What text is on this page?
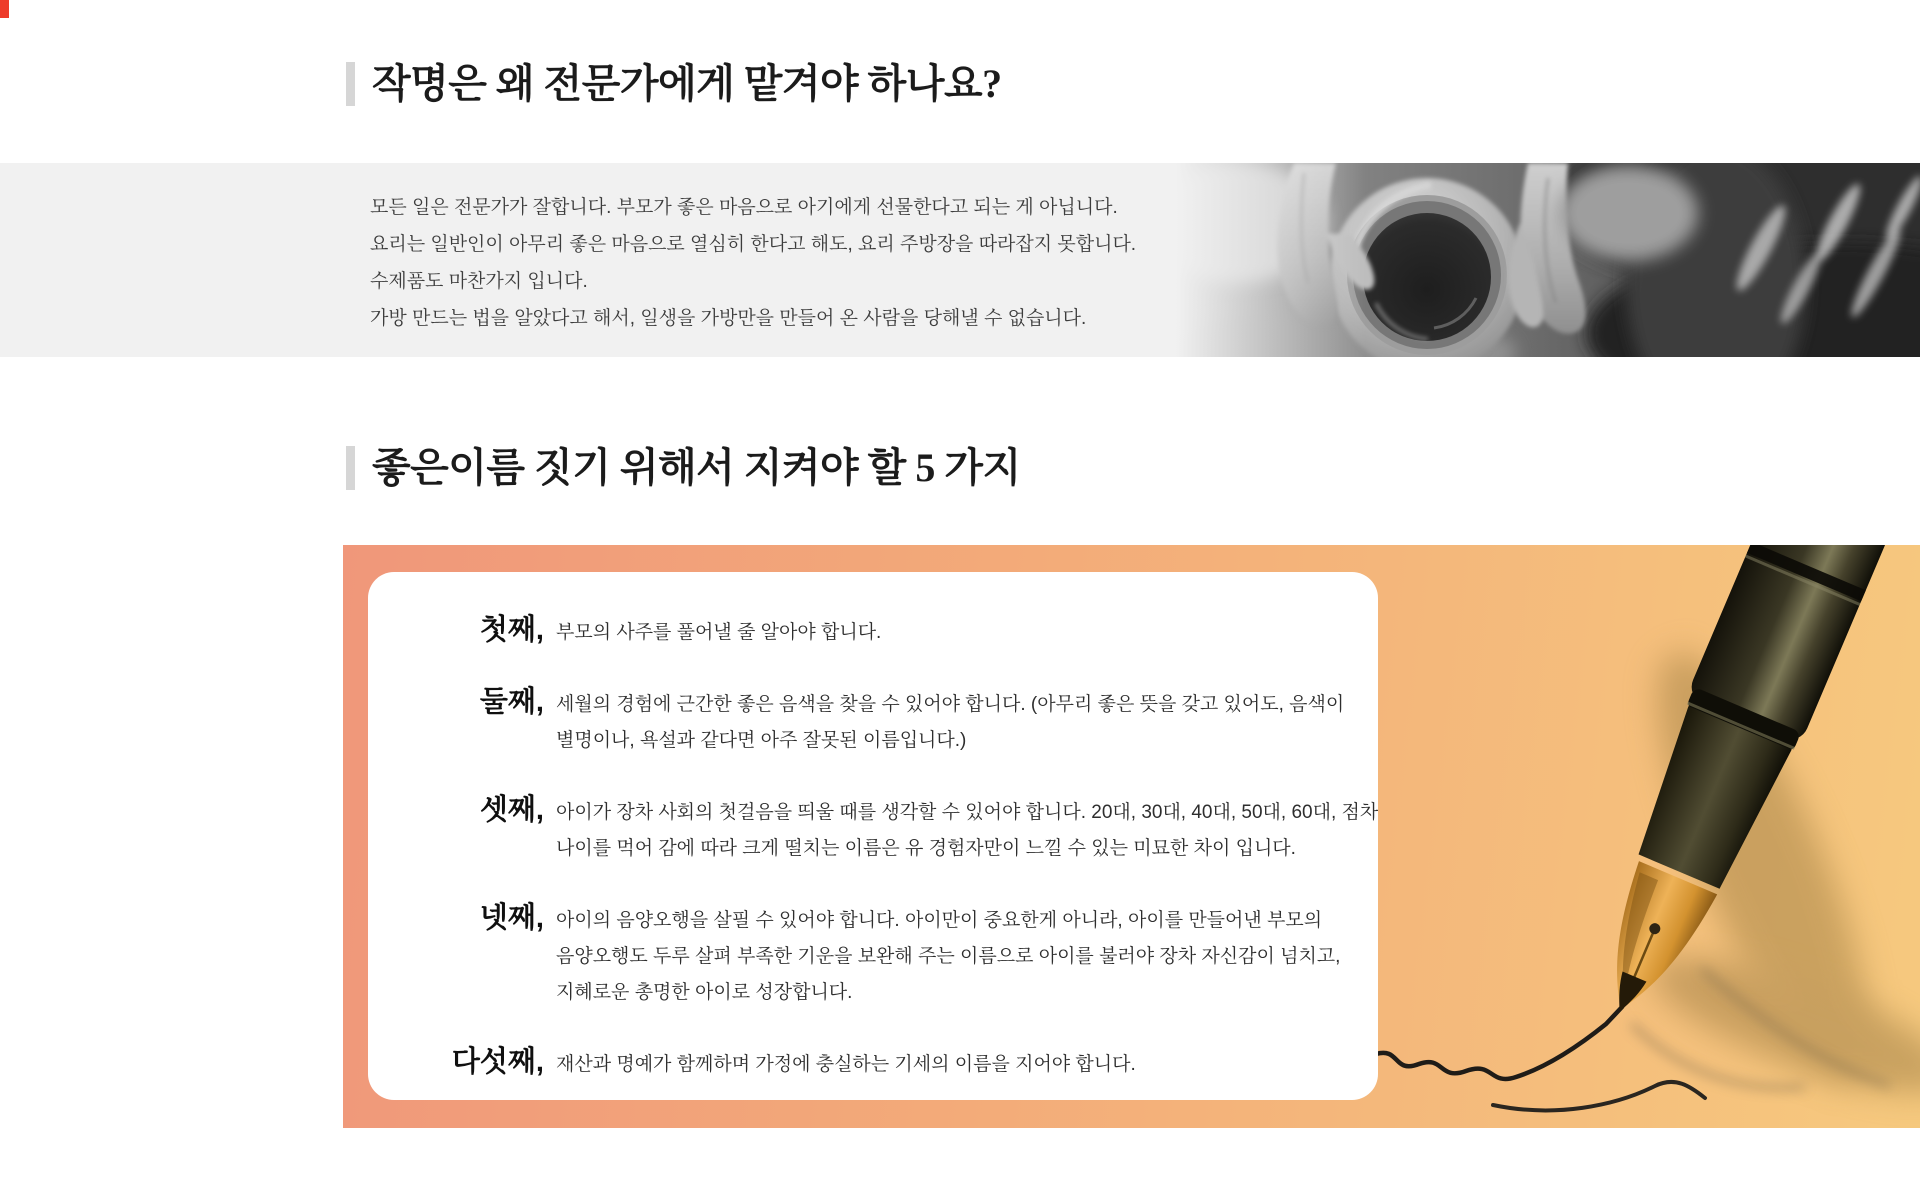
작명은 왜 전문가에게 맡겨야 하나요?

모든 일은 전문가가 잘합니다. 부모가 좋은 마음으로 아기에게 선물한다고 되는 게 아닙니다.

요리는 일반인이 아무리 좋은 마음으로 열심히 한다고 해도, 요리 주방장을 따라잡지 못합니다.

수제품도 마찬가지 입니다.

가방 만드는 법을 알았다고 해서, 일생을 가방만을 만들어 온 사람을 당해낼 수 없습니다.

좋은이름 짓기 위해서 지켜야 할 5 가지
첫째, 부모의 사주를 풀어낼 줄 알아야 합니다.
둘째, 세월의 경험에 근간한 좋은 음색을 찾을 수 있어야 합니다. (아무리 좋은 뜻을 갖고 있어도, 음색이
별명이나, 욕설과 같다면 아주 잘못된 이름입니다.)
셋째, 아이가 장차 사회의 첫걸음을 띄울 때를 생각할 수 있어야 합니다. 20대, 30대, 40대, 50대, 60대, 점차
나이를 먹어 감에 따라 크게 떨치는 이름은 유 경험자만이 느낄 수 있는 미묘한 차이 입니다.
넷째, 아이의 음양오행을 살필 수 있어야 합니다. 아이만이 중요한게 아니라, 아이를 만들어낸 부모의
음양오행도 두루 살펴 부족한 기운을 보완해 주는 이름으로 아이를 불러야 장차 자신감이 넘치고,
지혜로운 총명한 아이로 성장합니다.
다섯째, 재산과 명예가 함께하며 가정에 충실하는 기세의 이름을 지어야 합니다.
